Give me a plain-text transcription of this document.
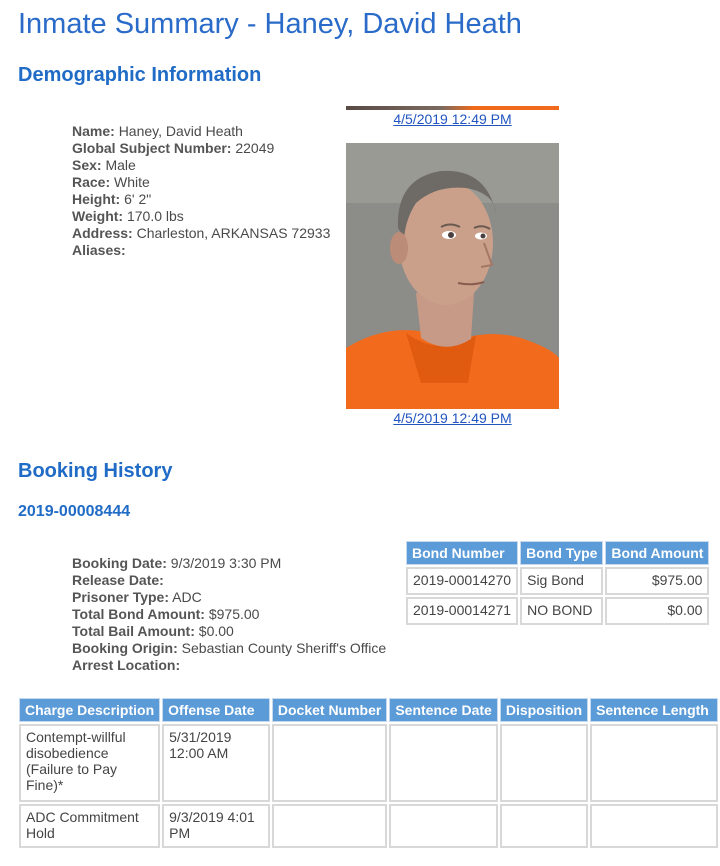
Inmate Summary - Haney, David Heath
Demographic Information
Name: Haney, David Heath
Global Subject Number: 22049
Sex: Male
Race: White
Height: 6' 2"
Weight: 170.0 lbs
Address: Charleston, ARKANSAS 72933
Aliases:
4/5/2019 12:49 PM
4/5/2019 12:49 PM
Booking History
2019-00008444
Booking Date: 9/3/2019 3:30 PM
Release Date:
Prisoner Type: ADC
Total Bond Amount: $975.00
Total Bail Amount: $0.00
Booking Origin: Sebastian County Sheriff's Office
Arrest Location:
Bond Number	Bond Type	Bond Amount
2019-00014270	Sig Bond	$975.00
2019-00014271	NO BOND	$0.00
Charge Description	Offense Date	Docket Number	Sentence Date	Disposition	Sentence Length
Contempt-willful disobedience (Failure to Pay Fine)*	5/31/2019 12:00 AM				
ADC Commitment Hold	9/3/2019 4:01 PM				
